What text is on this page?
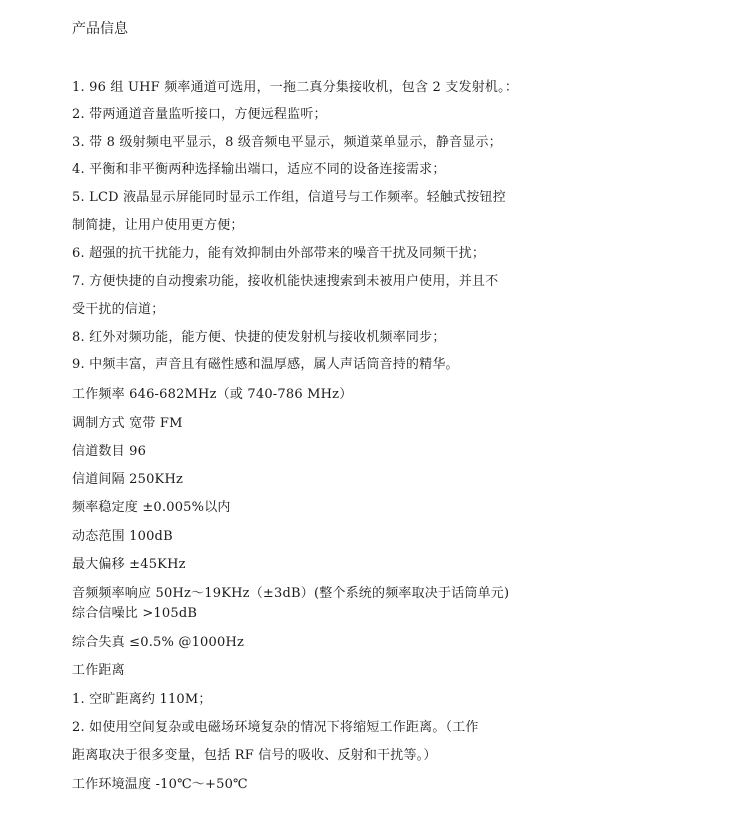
产品信息
1. 96 组 UHF 频率通道可选用，一拖二真分集接收机，包含 2 支发射机。：
2. 带两通道音量监听接口，方便远程监听；
3. 带 8 级射频电平显示，8 级音频电平显示，频道菜单显示，静音显示；
4. 平衡和非平衡两种选择输出端口，适应不同的设备连接需求；
5. LCD 液晶显示屏能同时显示工作组，信道号与工作频率。轻触式按钮控
制简捷，让用户使用更方便；
6. 超强的抗干扰能力，能有效抑制由外部带来的噪音干扰及同频干扰；
7. 方便快捷的自动搜索功能，接收机能快速搜索到未被用户使用，并且不
受干扰的信道；
8. 红外对频功能，能方便、快捷的使发射机与接收机频率同步；
9. 中频丰富，声音且有磁性感和温厚感，属人声话筒音持的精华。
工作频率 646-682MHz（或 740-786 MHz）
调制方式 宽带 FM
信道数目 96
信道间隔 250KHz
频率稳定度 ±0.005%以内
动态范围 100dB
最大偏移 ±45KHz
音频频率响应 50Hz～19KHz（±3dB）(整个系统的频率取决于话筒单元)
综合信噪比 >105dB
综合失真 ≤0.5% @1000Hz
工作距离
1. 空旷距离约 110M；
2. 如使用空间复杂或电磁场环境复杂的情况下将缩短工作距离。（工作
距离取决于很多变量，包括 RF 信号的吸收、反射和干扰等。）
工作环境温度 -10℃～+50℃
